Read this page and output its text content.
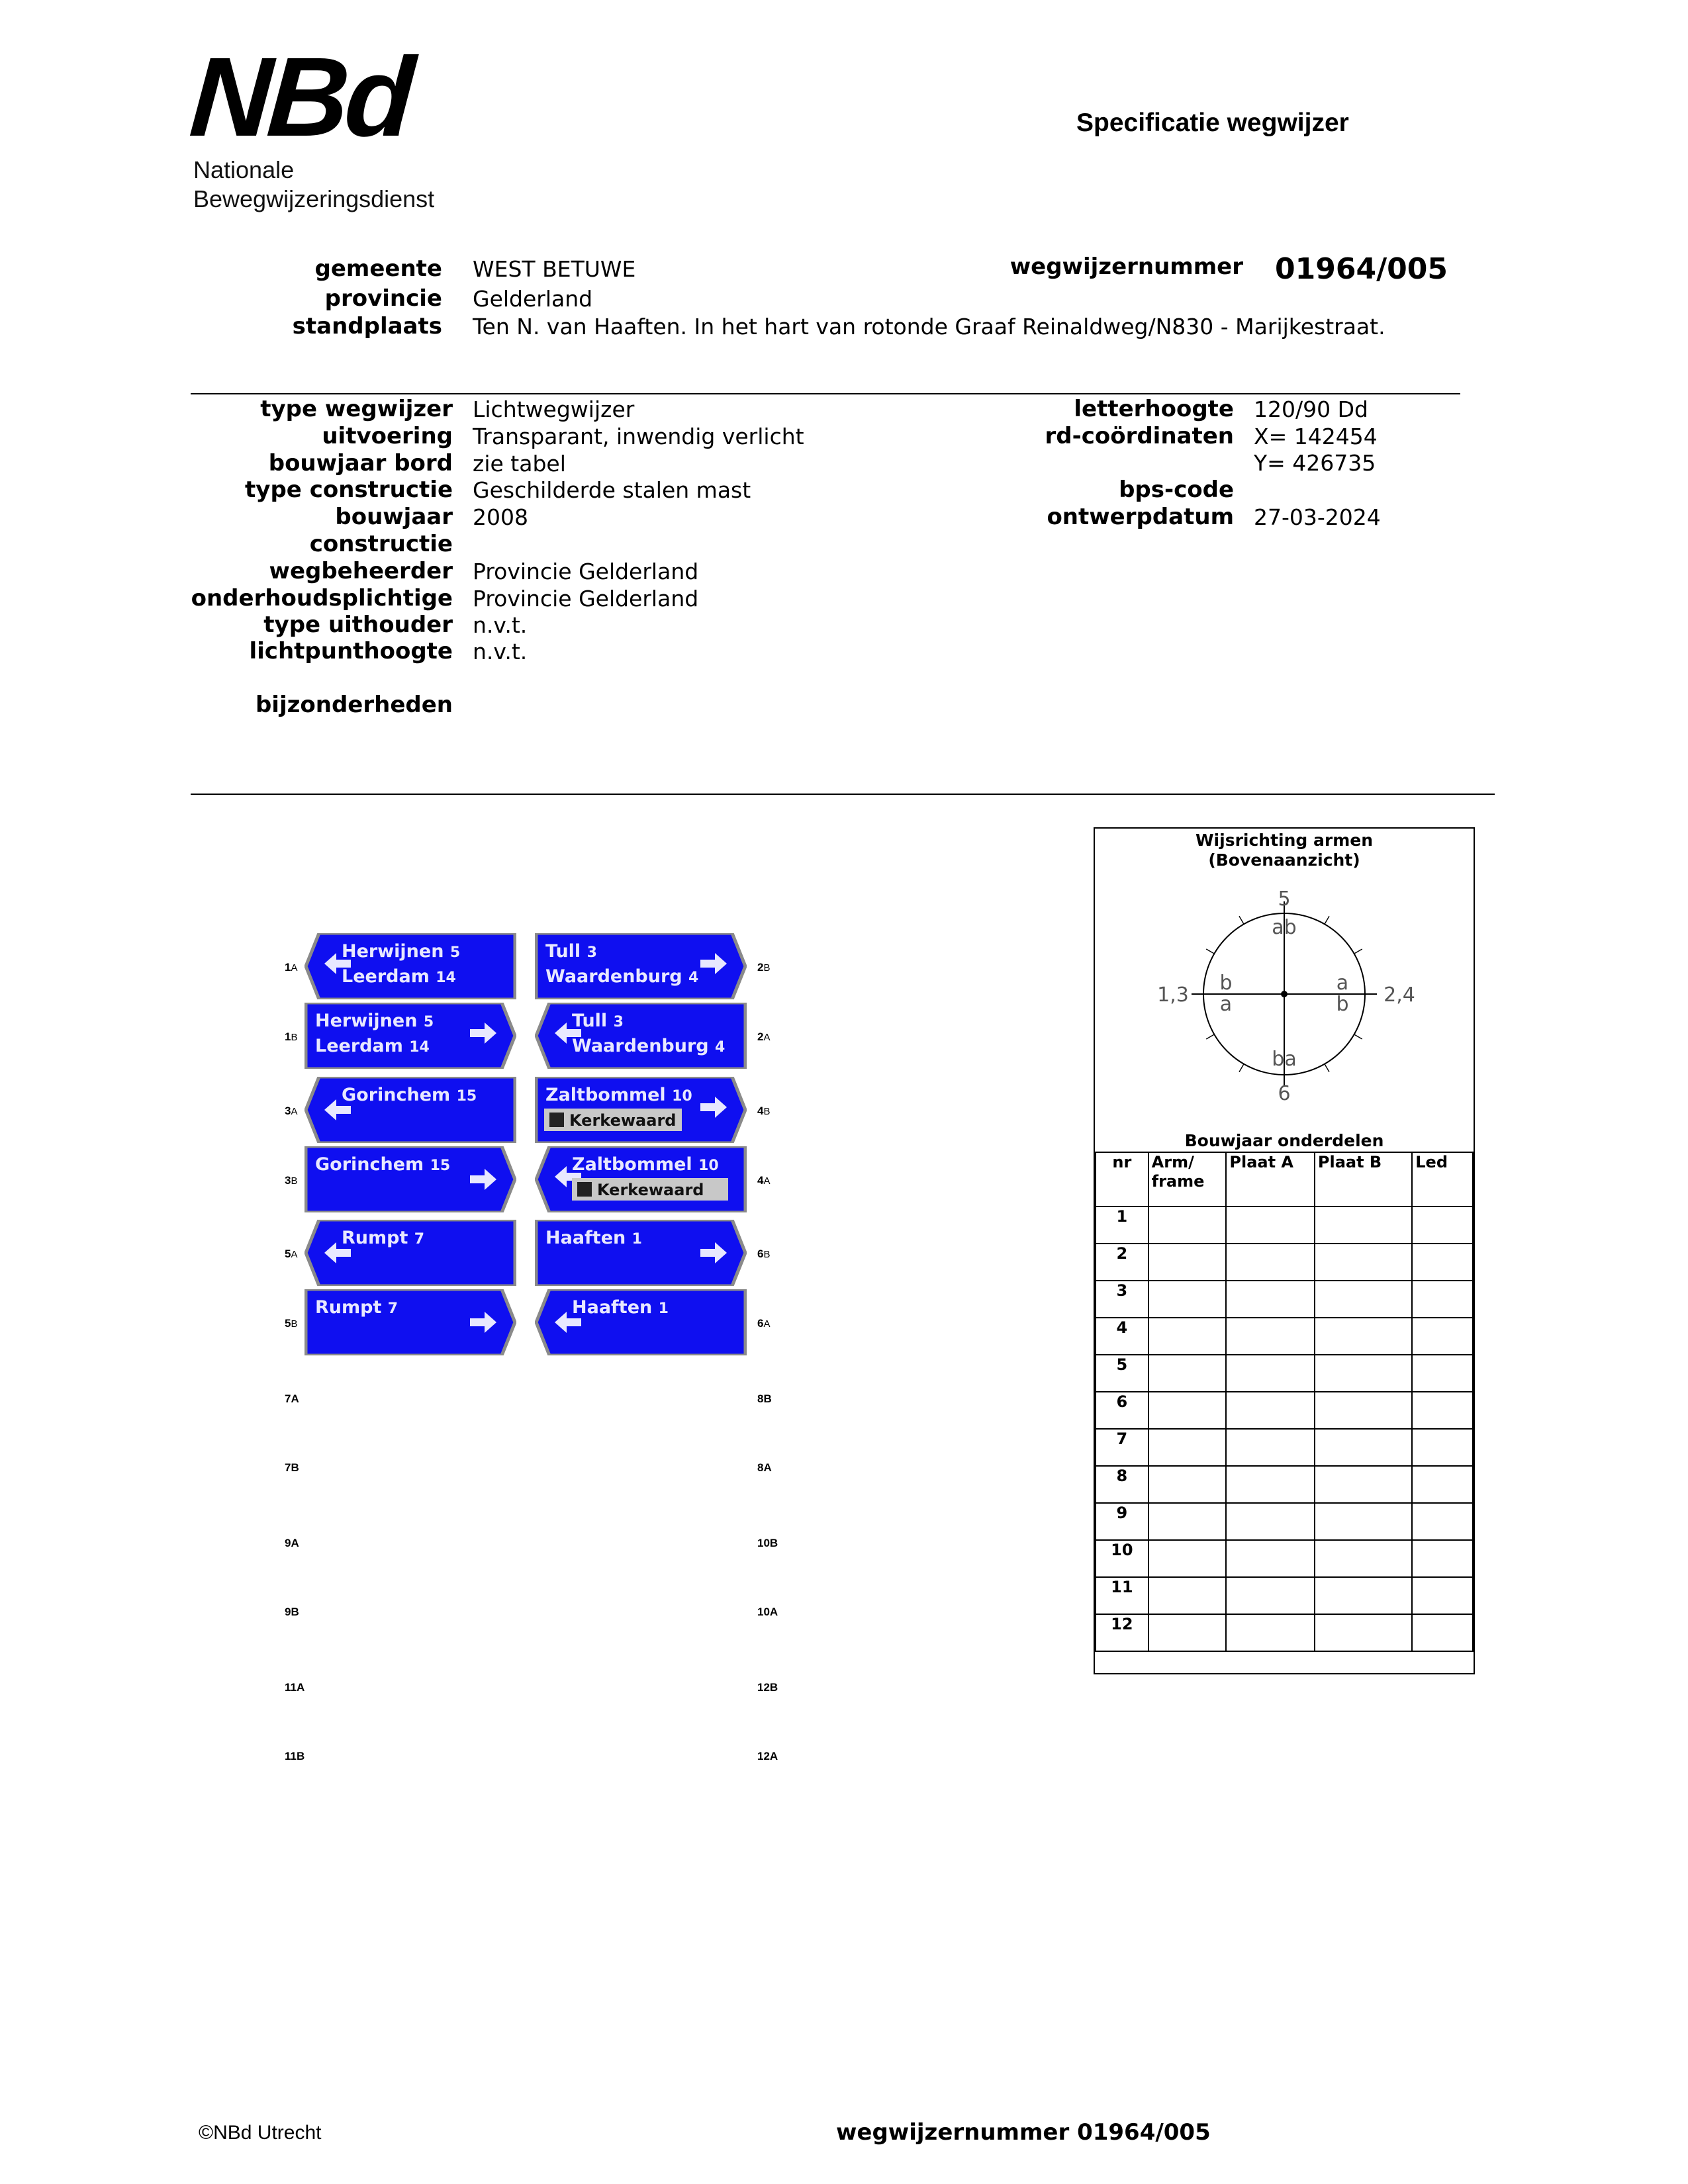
NBd
Nationale
Bewegwijzeringsdienst
Specificatie wegwijzer
gemeente WEST BETUWE
provincie Gelderland
standplaats Ten N. van Haaften. In het hart van rotonde Graaf Reinaldweg/N830 - Marijkestraat.
wegwijzernummer 01964/005
type wegwijzer Lichtwegwijzer
uitvoering Transparant, inwendig verlicht
bouwjaar bord zie tabel
type constructie Geschilderde stalen mast
bouwjaar 2008
constructie
wegbeheerder Provincie Gelderland
onderhoudsplichtige Provincie Gelderland
type uithouder n.v.t.
lichtpunthoogte n.v.t.
bijzonderheden
letterhoogte 120/90 Dd
rd-coördinaten X= 142454
Y= 426735
bps-code
ontwerpdatum 27-03-2024
Herwijnen 5
Leerdam 14
1A
Tull 3
Waardenburg 4
2B
Herwijnen 5
Leerdam 14
1B
Tull 3
Waardenburg 4
2A
Gorinchem 15
3A
Zaltbommel 10
Kerkewaard
4B
Gorinchem 15
3B
Zaltbommel 10
Kerkewaard
4A
Rumpt 7
5A
Haaften 1
6B
Rumpt 7
5B
Haaften 1
6A
7A
7B
9A
9B
11A
11B
8B
8A
10B
10A
12B
12A
Wijsrichting armen
(Bovenaanzicht)
5
ab
ba
6
1,3	2,4
b
a
a
b
Bouwjaar onderdelen
nr	Arm/ frame	Plaat A	Plaat B	Led
1				
2				
3				
4				
5				
6				
7				
8				
9				
10				
11				
12				
©NBd Utrecht	wegwijzernummer 01964/005
